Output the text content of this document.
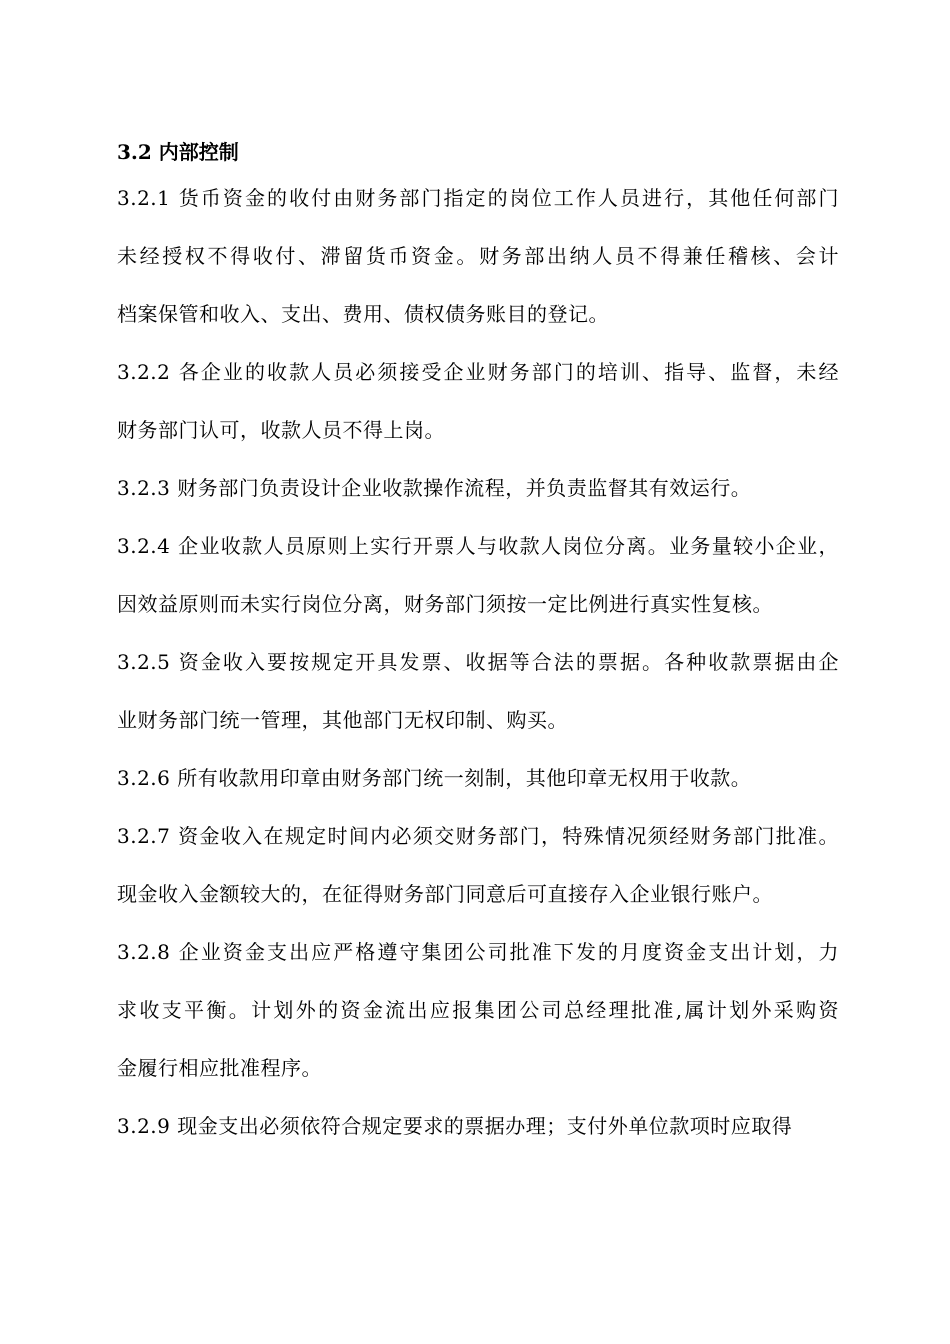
3.2 内部控制
3.2.1 货币资金的收付由财务部门指定的岗位工作人员进行，其他任何部门
未经授权不得收付、滞留货币资金。财务部出纳人员不得兼任稽核、会计
档案保管和收入、支出、费用、债权债务账目的登记。
3.2.2 各企业的收款人员必须接受企业财务部门的培训、指导、监督，未经
财务部门认可，收款人员不得上岗。
3.2.3 财务部门负责设计企业收款操作流程，并负责监督其有效运行。
3.2.4 企业收款人员原则上实行开票人与收款人岗位分离。业务量较小企业，
因效益原则而未实行岗位分离，财务部门须按一定比例进行真实性复核。
3.2.5 资金收入要按规定开具发票、收据等合法的票据。各种收款票据由企
业财务部门统一管理，其他部门无权印制、购买。
3.2.6 所有收款用印章由财务部门统一刻制，其他印章无权用于收款。
3.2.7 资金收入在规定时间内必须交财务部门，特殊情况须经财务部门批准。
现金收入金额较大的，在征得财务部门同意后可直接存入企业银行账户。
3.2.8 企业资金支出应严格遵守集团公司批准下发的月度资金支出计划，力
求收支平衡。计划外的资金流出应报集团公司总经理批准,属计划外采购资
金履行相应批准程序。
3.2.9 现金支出必须依符合规定要求的票据办理；支付外单位款项时应取得
